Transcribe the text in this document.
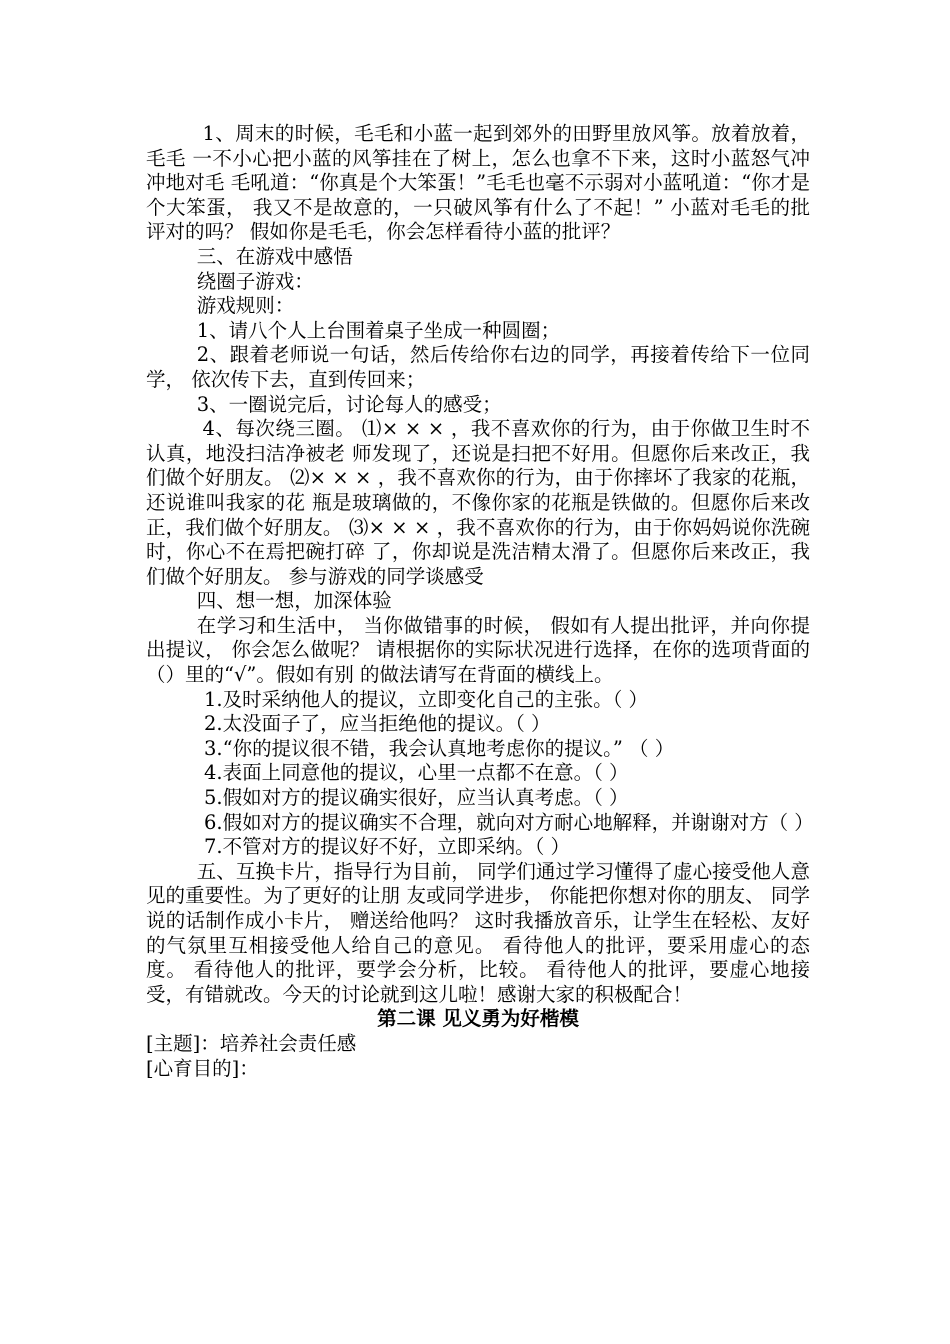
1、周末的时候，毛毛和小蓝一起到郊外的田野里放风筝。放着放着，毛毛 一不小心把小蓝的风筝挂在了树上，怎么也拿不下来，这时小蓝怒气冲冲地对毛 毛吼道：“你真是个大笨蛋！”毛毛也毫不示弱对小蓝吼道：“你才是个大笨蛋， 我又不是故意的，一只破风筝有什么了不起！” 小蓝对毛毛的批评对的吗？ 假如你是毛毛，你会怎样看待小蓝的批评？

三、在游戏中感悟

绕圈子游戏：

游戏规则：

1、请八个人上台围着桌子坐成一种圆圈；

2、跟着老师说一句话，然后传给你右边的同学，再接着传给下一位同学， 依次传下去，直到传回来；

3、一圈说完后，讨论每人的感受；

4、每次绕三圈。 ⑴× × × ，我不喜欢你的行为，由于你做卫生时不认真，地没扫洁净被老 师发现了，还说是扫把不好用。但愿你后来改正，我们做个好朋友。 ⑵× × × ，我不喜欢你的行为，由于你摔坏了我家的花瓶，还说谁叫我家的花 瓶是玻璃做的，不像你家的花瓶是铁做的。但愿你后来改正，我们做个好朋友。 ⑶× × × ，我不喜欢你的行为，由于你妈妈说你洗碗时，你心不在焉把碗打碎 了，你却说是洗洁精太滑了。但愿你后来改正，我们做个好朋友。 参与游戏的同学谈感受

四、想一想，加深体验

在学习和生活中， 当你做错事的时候， 假如有人提出批评，并向你提出提议， 你会怎么做呢？ 请根据你的实际状况进行选择，在你的选项背面的（）里的“√”。假如有别 的做法请写在背面的横线上。

1.及时采纳他人的提议，立即变化自己的主张。（ ）

2.太没面子了，应当拒绝他的提议。（ ）

3.“你的提议很不错，我会认真地考虑你的提议。” （ ）

4.表面上同意他的提议，心里一点都不在意。（ ）

5.假如对方的提议确实很好，应当认真考虑。（ ）

6.假如对方的提议确实不合理，就向对方耐心地解释，并谢谢对方（ ）

7.不管对方的提议好不好，立即采纳。（ ）

五、互换卡片，指导行为目前， 同学们通过学习懂得了虚心接受他人意见的重要性。为了更好的让朋 友或同学进步， 你能把你想对你的朋友、 同学说的话制作成小卡片， 赠送给他吗？ 这时我播放音乐，让学生在轻松、友好的气氛里互相接受他人给自己的意见。 看待他人的批评，要采用虚心的态度。 看待他人的批评，要学会分析，比较。 看待他人的批评，要虚心地接受，有错就改。今天的讨论就到这儿啦！感谢大家的积极配合！

第二课 见义勇为好楷模

[主题]：培养社会责任感

[心育目的]：
